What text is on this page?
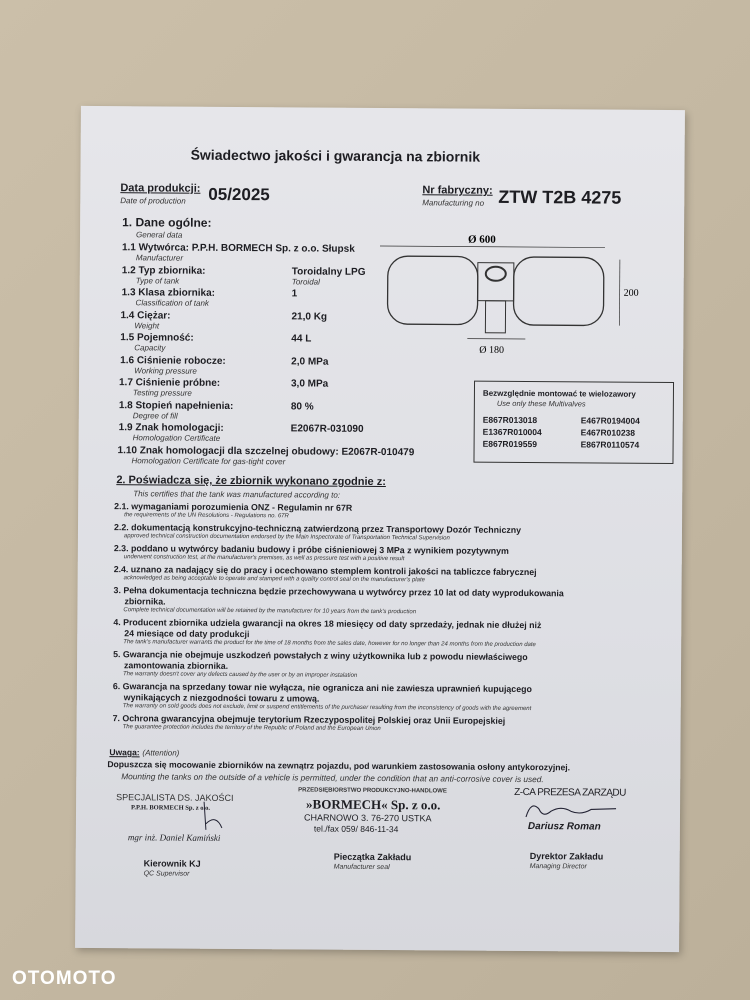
Świadectwo jakości i gwarancja na zbiornik
Data produkcji:
Date of production 05/2025	Nr fabryczny:
Manufacturing no ZTW T2B 4275
1. Dane ogólne:
General data
1.1 Wytwórca: P.P.H. BORMECH Sp. z o.o. Słupsk
Manufacturer
1.2 Typ zbiornika:
Type of tank
Toroidalny LPG
Toroidal
1.3 Klasa zbiornika:
Classification of tank
1
1.4 Ciężar:
Weight
21,0 Kg
1.5 Pojemność:
Capacity
44 L
1.6 Ciśnienie robocze:
Working pressure
2,0 MPa
1.7 Ciśnienie próbne:
Testing pressure
3,0 MPa
1.8 Stopień napełnienia:
Degree of fill
80 %
1.9 Znak homologacji:
Homologation Certificate
E2067R-031090
1.10 Znak homologacji dla szczelnej obudowy: E2067R-010479
Homologation Certificate for gas-tight cover
Ø 600
200
Ø 180
Bezwzględnie montować te wielozawory
Use only these Multivalves
E867R013018	E467R0194004
E1367R010004	E467R010238
E867R019559	E867R0110574
2. Poświadcza się, że zbiornik wykonano zgodnie z:
This certifies that the tank was manufactured according to:
2.1. wymaganiami porozumienia ONZ - Regulamin nr 67R
the requirements of the UN Resolutions - Regulations no. 67R
2.2. dokumentacją konstrukcyjno-techniczną zatwierdzoną przez Transportowy Dozór Techniczny
approved technical construction documentation endorsed by the Main Inspectorate of Transportation Technical Supervision
2.3. poddano u wytwórcy badaniu budowy i próbe ciśnieniowej 3 MPa z wynikiem pozytywnym
underwent construction test, at the manufacturer's premises, as well as pressure test with a positive result
2.4. uznano za nadający się do pracy i ocechowano stemplem kontroli jakości na tabliczce fabrycznej
acknowledged as being acceptable to operate and stamped with a quality control seal on the manufacturer's plate
3. Pełna dokumentacja techniczna będzie przechowywana u wytwórcy przez 10 lat od daty wyprodukowania
zbiornika.
Complete technical documentation will be retained by the manufacturer for 10 years from the tank's production
4. Producent zbiornika udziela gwarancji na okres 18 miesięcy od daty sprzedaży, jednak nie dłużej niż
24 miesiące od daty produkcji
The tank's manufacturer warrants the product for the time of 18 months from the sales date, however for no longer than 24 months from the production date
5. Gwarancja nie obejmuje uszkodzeń powstałych z winy użytkownika lub z powodu niewłaściwego
zamontowania zbiornika.
The warranty doesn't cover any defects caused by the user or by an improper instalation
6. Gwarancja na sprzedany towar nie wyłącza, nie ogranicza ani nie zawiesza uprawnień kupującego
wynikających z niezgodności towaru z umową.
The warranty on sold goods does not exclude, limit or suspend entitlements of the purchaser resulting from the inconsistency of goods with the agreement
7. Ochrona gwarancyjna obejmuje terytorium Rzeczypospolitej Polskiej oraz Unii Europejskiej
The guarantee protection includes the territory of the Republic of Poland and the European Union
Uwaga: (Attention)
Dopuszcza się mocowanie zbiorników na zewnątrz pojazdu, pod warunkiem zastosowania osłony antykorozyjnej.
Mounting the tanks on the outside of a vehicle is permitted, under the condition that an anti-corrosive cover is used.
SPECJALISTA DS. JAKOŚCI
P.P.H. BORMECH Sp. z o.o.
mgr inż. Daniel Kamiński
Kierownik KJ
QC Supervisor
PRZEDSIĘBIORSTWO PRODUKCYJNO-HANDLOWE
»BORMECH« Sp. z o.o.
CHARNOWO 3. 76-270 USTKA
tel./fax 059/ 846-11-34
Pieczątka Zakładu
Manufacturer seal
Z-CA PREZESA ZARZĄDU
Dariusz Roman
Dyrektor Zakładu
Managing Director
OTOMOTO
